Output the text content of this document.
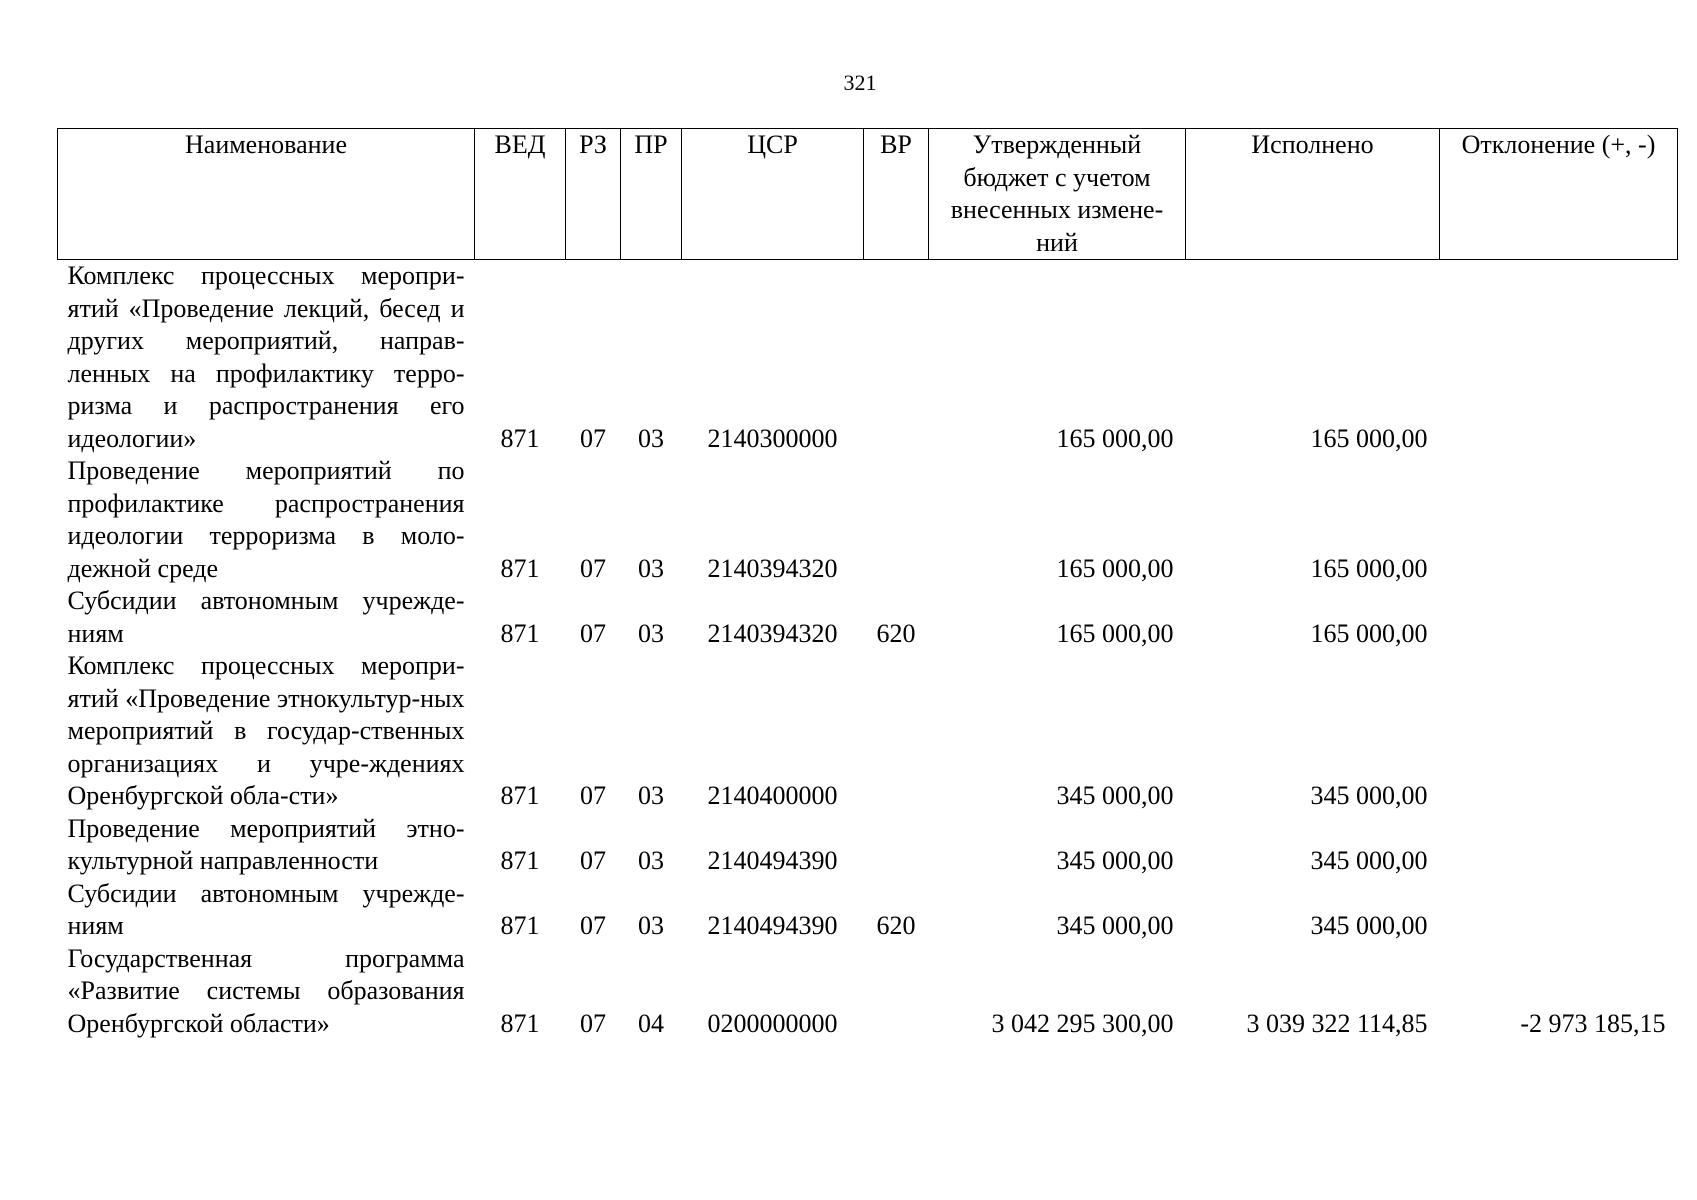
321
Наименование	ВЕД	РЗ	ПР	ЦСР	ВР	Утвержденный бюджет с учетом внесенных измене-ний	Исполнено	Отклонение (+, -)
Комплекс процессных меропри-ятий «Проведение лекций, бесед и других мероприятий, направ-ленных на профилактику терро-ризма и распространения его идеологии»	871	07	03	2140300000		165 000,00	165 000,00	
Проведение мероприятий по профилактике распространения идеологии терроризма в моло-дежной среде	871	07	03	2140394320		165 000,00	165 000,00	
Субсидии автономным учрежде-ниям	871	07	03	2140394320	620	165 000,00	165 000,00	
Комплекс процессных меропри-ятий «Проведение этнокультур-ных мероприятий в государ-ственных организациях и учре-ждениях Оренбургской обла-сти»	871	07	03	2140400000		345 000,00	345 000,00	
Проведение мероприятий этно-культурной направленности	871	07	03	2140494390		345 000,00	345 000,00	
Субсидии автономным учрежде-ниям	871	07	03	2140494390	620	345 000,00	345 000,00	
Государственная программа «Развитие системы образования Оренбургской области»	871	07	04	0200000000		3 042 295 300,00	3 039 322 114,85	-2 973 185,15
